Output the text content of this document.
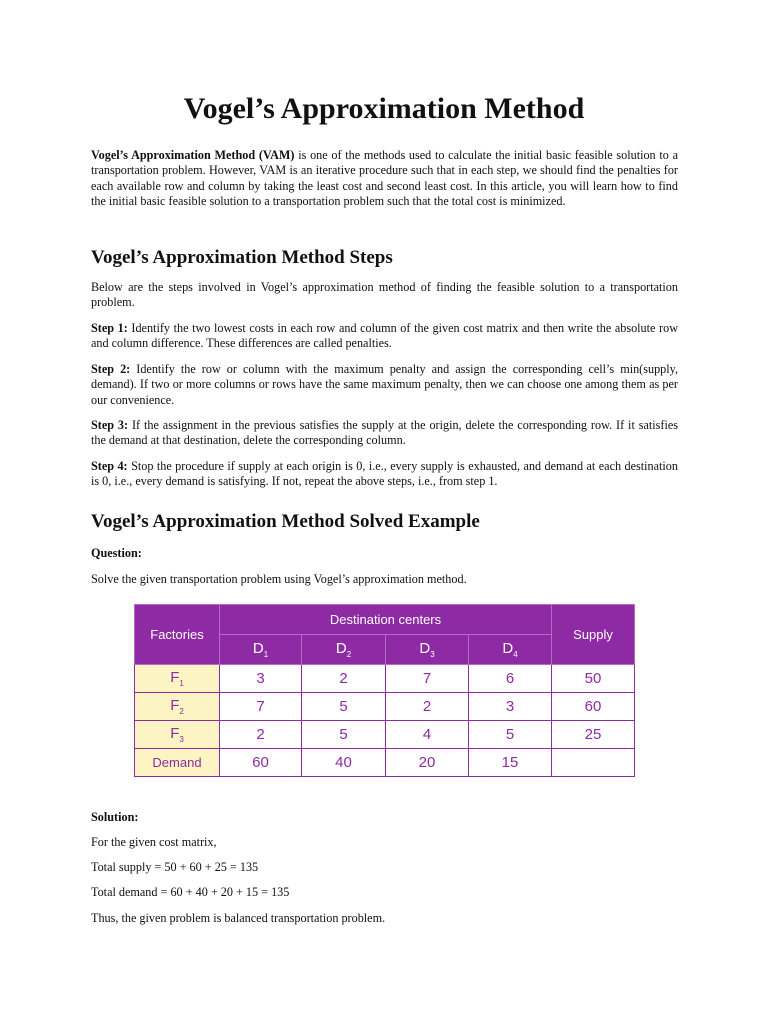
Vogel’s Approximation Method

Vogel’s Approximation Method (VAM) is one of the methods used to calculate the initial basic feasible solution to a transportation problem. However, VAM is an iterative procedure such that in each step, we should find the penalties for each available row and column by taking the least cost and second least cost. In this article, you will learn how to find the initial basic feasible solution to a transportation problem such that the total cost is minimized.

Vogel’s Approximation Method Steps

Below are the steps involved in Vogel’s approximation method of finding the feasible solution to a transportation problem.

Step 1: Identify the two lowest costs in each row and column of the given cost matrix and then write the absolute row and column difference. These differences are called penalties.

Step 2: Identify the row or column with the maximum penalty and assign the corresponding cell’s min(supply, demand). If two or more columns or rows have the same maximum penalty, then we can choose one among them as per our convenience.

Step 3: If the assignment in the previous satisfies the supply at the origin, delete the corresponding row. If it satisfies the demand at that destination, delete the corresponding column.

Step 4: Stop the procedure if supply at each origin is 0, i.e., every supply is exhausted, and demand at each destination is 0, i.e., every demand is satisfying. If not, repeat the above steps, i.e., from step 1.

Vogel’s Approximation Method Solved Example

Question:

Solve the given transportation problem using Vogel’s approximation method.

Factories	Destination centers				Supply
	$D_1$	$D_2$	$D_3$	$D_4$
$F_1$	3	2	7	6	50
$F_2$	7	5	2	3	60
$F_3$	2	5	4	5	25
Demand	60	40	20	15	

Solution:

For the given cost matrix,

Total supply = 50 + 60 + 25 = 135

Total demand = 60 + 40 + 20 + 15 = 135

Thus, the given problem is balanced transportation problem.
